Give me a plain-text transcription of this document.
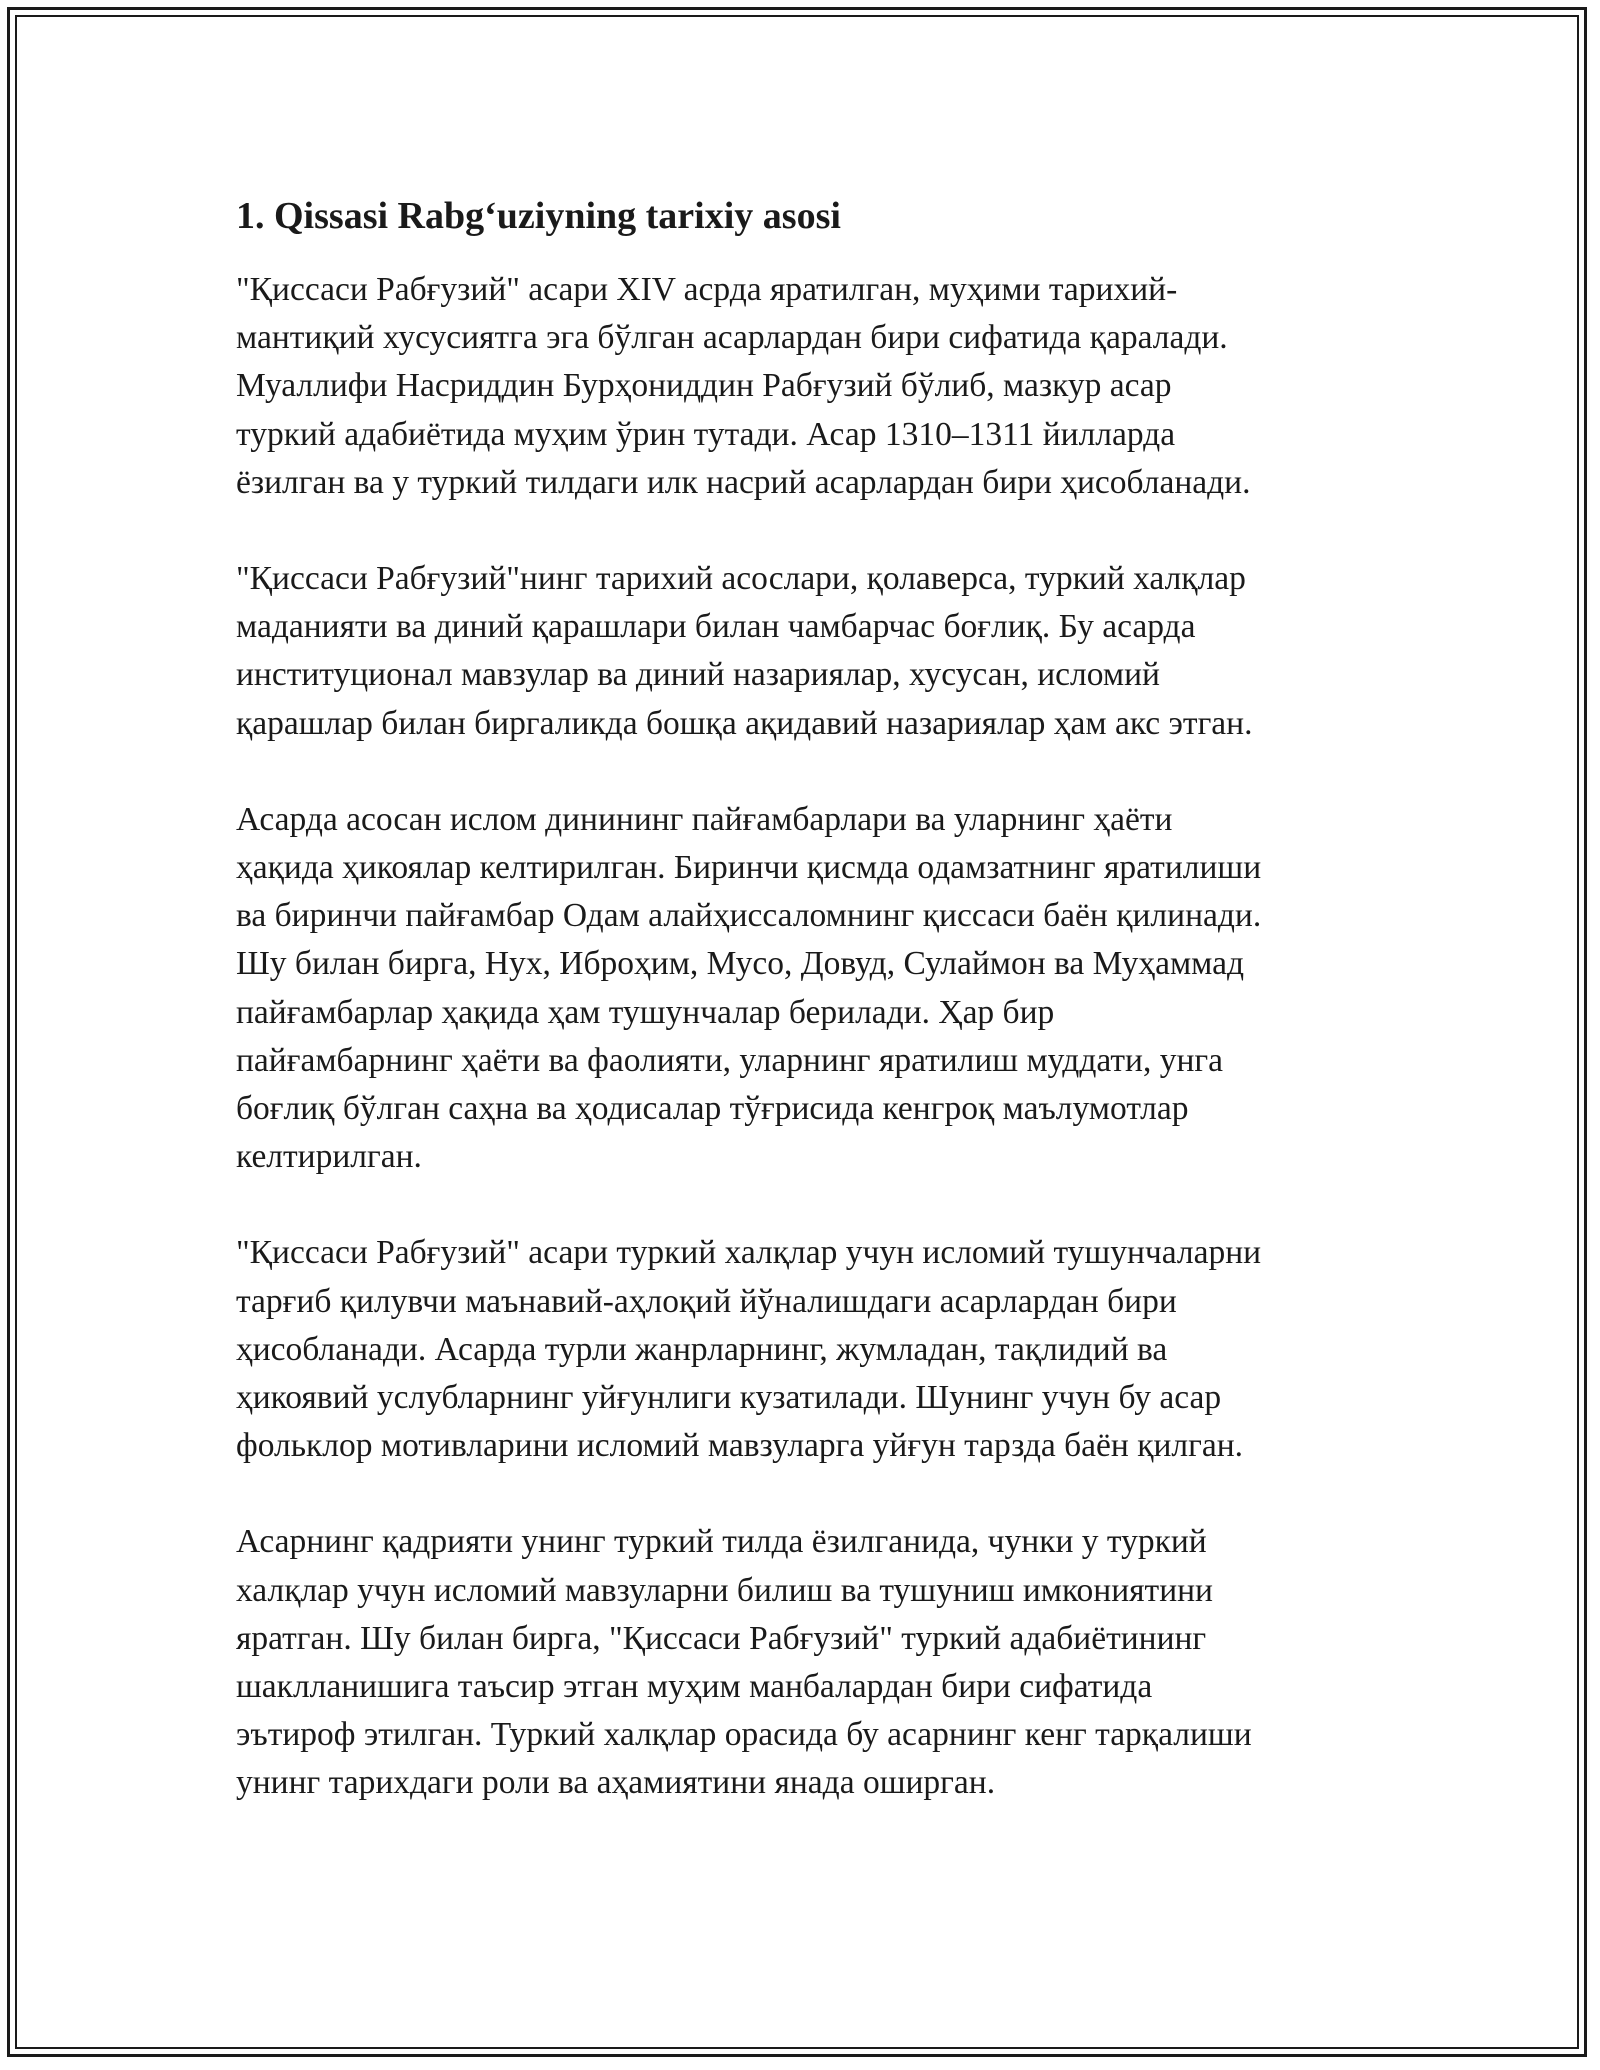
1. Qissasi Rabg‘uziyning tarixiy asosi

"Қиссаси Рабғузий" асари XIV асрда яратилган, муҳими тарихий-
мантиқий хусусиятга эга бўлган асарлардан бири сифатида қаралади.
Муаллифи Насриддин Бурҳониддин Рабғузий бўлиб, мазкур асар
туркий адабиётида муҳим ўрин тутади. Асар 1310–1311 йилларда
ёзилган ва у туркий тилдаги илк насрий асарлардан бири ҳисобланади.

"Қиссаси Рабғузий"нинг тарихий асослари, қолаверса, туркий халқлар
маданияти ва диний қарашлари билан чамбарчас боғлиқ. Бу асарда
институционал мавзулар ва диний назариялар, хусусан, исломий
қарашлар билан биргаликда бошқа ақидавий назариялар ҳам акс этган.

Асарда асосан ислом динининг пайғамбарлари ва уларнинг ҳаёти
ҳақида ҳикоялар келтирилган. Биринчи қисмда одамзатнинг яратилиши
ва биринчи пайғамбар Одам алайҳиссаломнинг қиссаси баён қилинади.
Шу билан бирга, Нух, Иброҳим, Мусо, Довуд, Сулаймон ва Муҳаммад
пайғамбарлар ҳақида ҳам тушунчалар берилади. Ҳар бир
пайғамбарнинг ҳаёти ва фаолияти, уларнинг яратилиш муддати, унга
боғлиқ бўлган саҳна ва ҳодисалар тўғрисида кенгроқ маълумотлар
келтирилган.

"Қиссаси Рабғузий" асари туркий халқлар учун исломий тушунчаларни
тарғиб қилувчи маънавий-аҳлоқий йўналишдаги асарлардан бири
ҳисобланади. Асарда турли жанрларнинг, жумладан, тақлидий ва
ҳикоявий услубларнинг уйғунлиги кузатилади. Шунинг учун бу асар
фольклор мотивларини исломий мавзуларга уйғун тарзда баён қилган.

Асарнинг қадрияти унинг туркий тилда ёзилганида, чунки у туркий
халқлар учун исломий мавзуларни билиш ва тушуниш имкониятини
яратган. Шу билан бирга, "Қиссаси Рабғузий" туркий адабиётининг
шаклланишига таъсир этган муҳим манбалардан бири сифатида
эътироф этилган. Туркий халқлар орасида бу асарнинг кенг тарқалиши
унинг тарихдаги роли ва аҳамиятини янада оширган.
